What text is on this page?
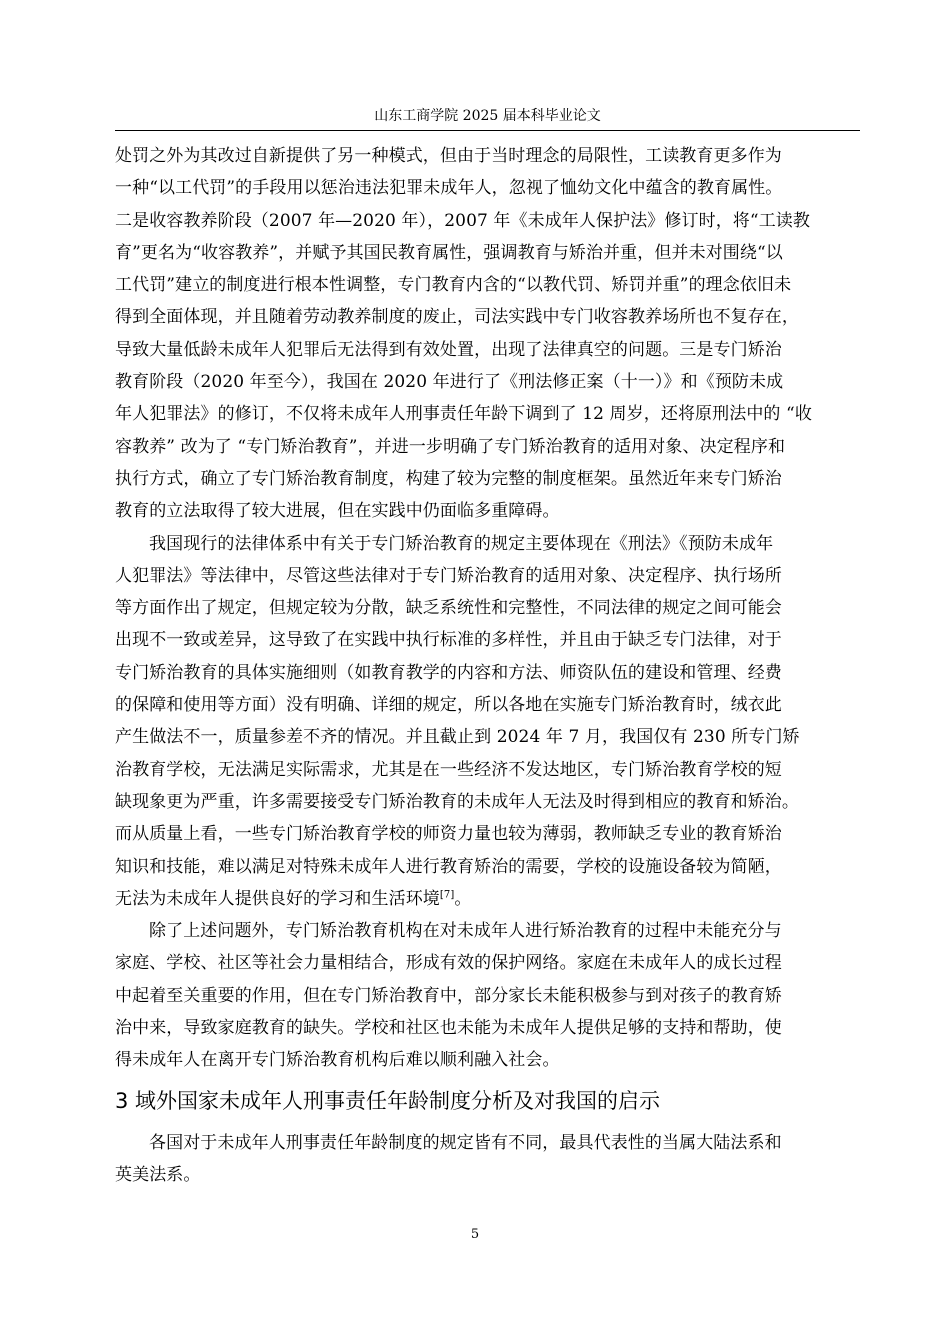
山东工商学院 2025 届本科毕业论文

处罚之外为其改过自新提供了另一种模式，但由于当时理念的局限性，工读教育更多作为
一种“以工代罚”的手段用以惩治违法犯罪未成年人，忽视了恤幼文化中蕴含的教育属性。
二是收容教养阶段（2007 年—2020 年），2007 年《未成年人保护法》修订时，将“工读教
育”更名为“收容教养”，并赋予其国民教育属性，强调教育与矫治并重，但并未对围绕“以
工代罚”建立的制度进行根本性调整，专门教育内含的“以教代罚、矫罚并重”的理念依旧未
得到全面体现，并且随着劳动教养制度的废止，司法实践中专门收容教养场所也不复存在，
导致大量低龄未成年人犯罪后无法得到有效处置，出现了法律真空的问题。三是专门矫治
教育阶段（2020 年至今），我国在 2020 年进行了《刑法修正案（十一）》和《预防未成
年人犯罪法》的修订，不仅将未成年人刑事责任年龄下调到了 12 周岁，还将原刑法中的 “收
容教养” 改为了 “专门矫治教育”，并进一步明确了专门矫治教育的适用对象、决定程序和
执行方式，确立了专门矫治教育制度，构建了较为完整的制度框架。虽然近年来专门矫治
教育的立法取得了较大进展，但在实践中仍面临多重障碍。

我国现行的法律体系中有关于专门矫治教育的规定主要体现在《刑法》《预防未成年
人犯罪法》等法律中，尽管这些法律对于专门矫治教育的适用对象、决定程序、执行场所
等方面作出了规定，但规定较为分散，缺乏系统性和完整性，不同法律的规定之间可能会
出现不一致或差异，这导致了在实践中执行标准的多样性，并且由于缺乏专门法律，对于
专门矫治教育的具体实施细则（如教育教学的内容和方法、师资队伍的建设和管理、经费
的保障和使用等方面）没有明确、详细的规定，所以各地在实施专门矫治教育时，绒衣此
产生做法不一，质量参差不齐的情况。并且截止到 2024 年 7 月，我国仅有 230 所专门矫
治教育学校，无法满足实际需求，尤其是在一些经济不发达地区，专门矫治教育学校的短
缺现象更为严重，许多需要接受专门矫治教育的未成年人无法及时得到相应的教育和矫治。
而从质量上看，一些专门矫治教育学校的师资力量也较为薄弱，教师缺乏专业的教育矫治
知识和技能，难以满足对特殊未成年人进行教育矫治的需要，学校的设施设备较为简陋，
无法为未成年人提供良好的学习和生活环境[7]。

除了上述问题外，专门矫治教育机构在对未成年人进行矫治教育的过程中未能充分与
家庭、学校、社区等社会力量相结合，形成有效的保护网络。家庭在未成年人的成长过程
中起着至关重要的作用，但在专门矫治教育中，部分家长未能积极参与到对孩子的教育矫
治中来，导致家庭教育的缺失。学校和社区也未能为未成年人提供足够的支持和帮助，使
得未成年人在离开专门矫治教育机构后难以顺利融入社会。

3 域外国家未成年人刑事责任年龄制度分析及对我国的启示

各国对于未成年人刑事责任年龄制度的规定皆有不同，最具代表性的当属大陆法系和
英美法系。

5
